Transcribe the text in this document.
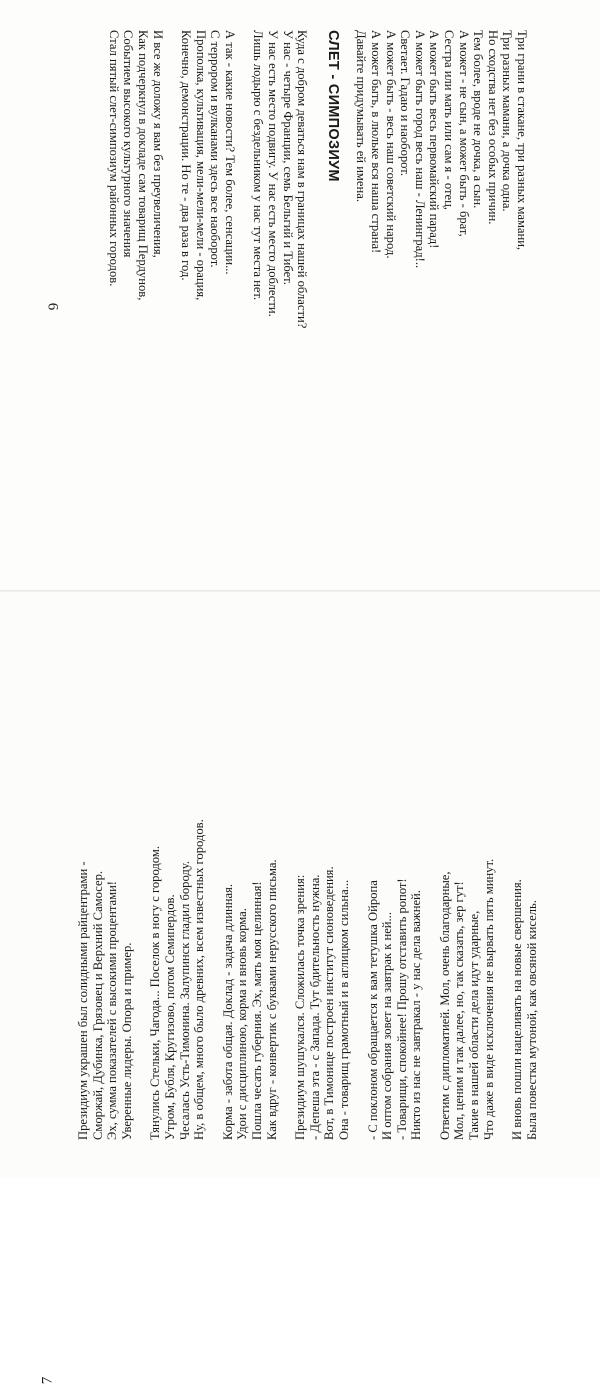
Три грани в стакане, три разных мамани,

Три разных мамани, а дочка одна.

Но сходства нет без особых причин.

Тем более, вроде не дочка, а сын.

А может - не сын, а может быть - брат,

Сестра или мать или сам я - отец,

А может быть весь первомайский парад!

А может быть город весь наш - Ленинград!..

Светает. Гадаю и наоборот.

А может быть - весь наш советский народ.

А может быть, в люльке вся наша страна!

Давайте придумывать ей имена.

СЛЕТ - СИМПОЗИУМ

Куда с добром деваться нам в границах нашей области?

У нас - четыре Франции, семь Бельгий и Тибет.

У нас есть место подвигу. У нас есть место доблести.

Лишь лодырю с бездельником у нас тут места нет.

А так - какие новости? Тем более, сенсации...

С террором и вулканами здесь все наоборот.

Прополка, культивация, мели-мели-мели - орация,

Конечно, демонстрации. Но те - два раза в год.

И все же доложу я вам без преувеличения,

Как подчеркнул в докладе сам товарищ Пердунов,

Событием высокого культурного значения

Стал пятый слет-симпозиум районных городов.

6
7

Президиум украшен был солидными райцентрами - Сморжай, Дубинка, Грязовец и Верхний Самосер. Эх, сумма показателей с высокими процентами! Уверенные лидеры. Опора и пример. Тянулись Стельки, Чагода... Поселок в ногу с городом. Утром, Бубля, Кругизово, потом Семипердов. Чесалась Усть-Тимонина. Залупинск гладил бороду. Ну, в общем, много было древних, всем известных городов. Корма - забота общая. Доклад - задача длинная. Удои с дисциплиною, корма и вновь корма. Пошла чесать губерния. Эх, мать моя целинная! Как вдруг - конвертик с буквами нерусского письма. Президиум шушукался. Сложилась точка зрения: - Депеша эта - с Запада. Тут бдительность нужна. Вот, в Тимонице построен институт сионоведения. Она - товарищ грамотный и в аглицком сильна... - С поклоном обращается к вам тетушка Ойропа И оптом собрания зовет на завтрак к ней... - Товарищи, спокойнее! Прошу отставить ропот! Никто из нас не завтракал - у нас дела важней. Ответим с дипломатией. Мол, очень благодарные, Мол, ценим и так далее, но, так сказать, зер гут! Такие в нашей области дела идут ударные, Что даже в виде исключения не вырвать пять минут. И вновь пошли нацеливать на новые свершения. Была повестка мутоной, как овсяной кисель.
